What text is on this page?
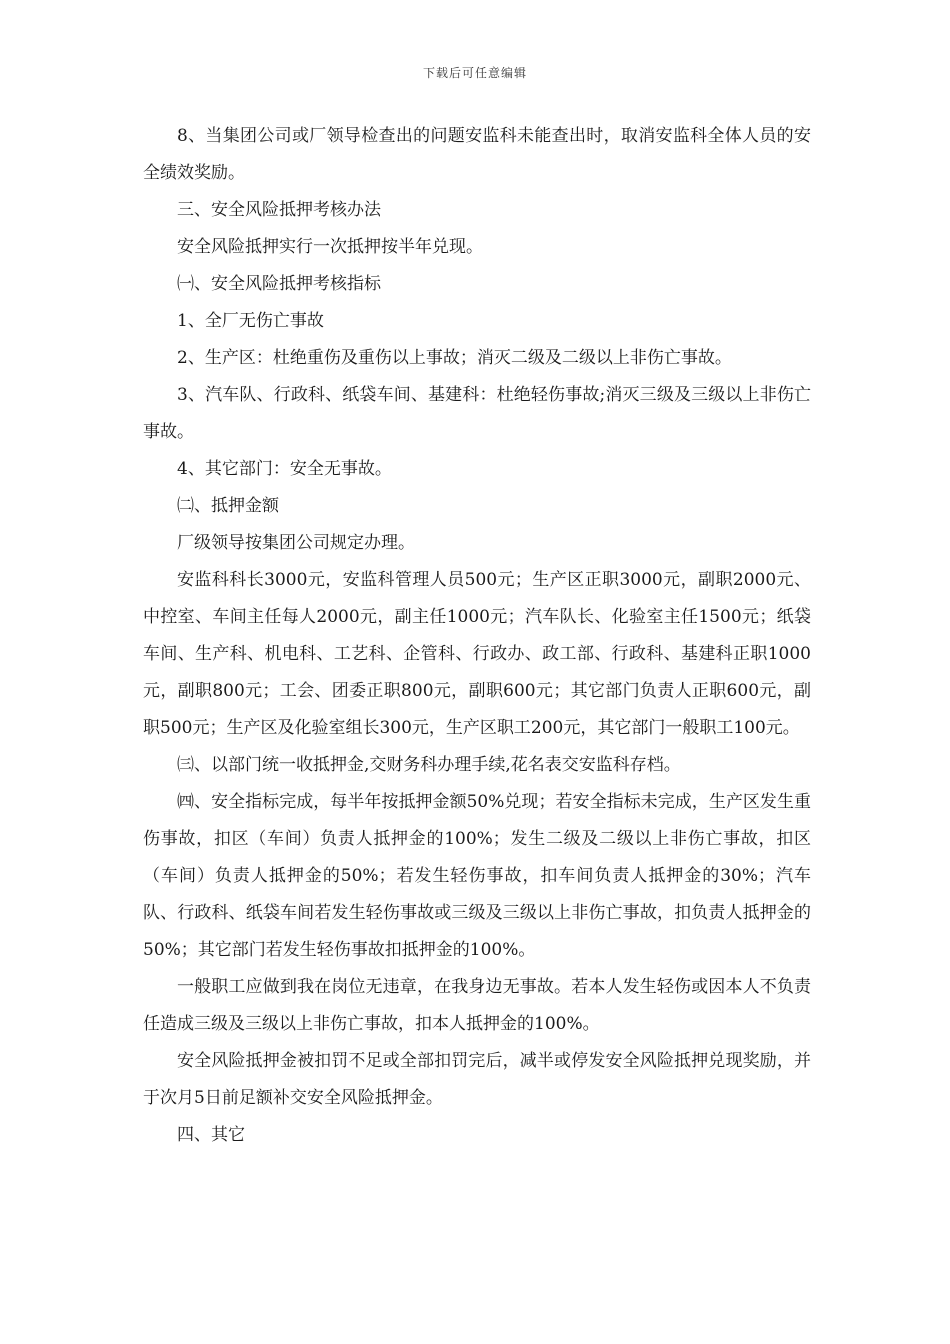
下载后可任意编辑

8、当集团公司或厂领导检查出的问题安监科未能查出时，取消安监科全体人员的安全绩效奖励。

三、安全风险抵押考核办法

安全风险抵押实行一次抵押按半年兑现。

㈠、安全风险抵押考核指标

1、全厂无伤亡事故

2、生产区：杜绝重伤及重伤以上事故；消灭二级及二级以上非伤亡事故。

3、汽车队、行政科、纸袋车间、基建科：杜绝轻伤事故;消灭三级及三级以上非伤亡事故。

4、其它部门：安全无事故。

㈡、抵押金额

厂级领导按集团公司规定办理。

安监科科长3000元，安监科管理人员500元；生产区正职3000元，副职2000元、中控室、车间主任每人2000元，副主任1000元；汽车队长、化验室主任1500元；纸袋车间、生产科、机电科、工艺科、企管科、行政办、政工部、行政科、基建科正职1000元，副职800元；工会、团委正职800元，副职600元；其它部门负责人正职600元，副职500元；生产区及化验室组长300元，生产区职工200元，其它部门一般职工100元。

㈢、以部门统一收抵押金,交财务科办理手续,花名表交安监科存档。

㈣、安全指标完成，每半年按抵押金额50%兑现；若安全指标未完成，生产区发生重伤事故，扣区（车间）负责人抵押金的100%；发生二级及二级以上非伤亡事故，扣区（车间）负责人抵押金的50%；若发生轻伤事故，扣车间负责人抵押金的30%；汽车队、行政科、纸袋车间若发生轻伤事故或三级及三级以上非伤亡事故，扣负责人抵押金的50%；其它部门若发生轻伤事故扣抵押金的100%。

一般职工应做到我在岗位无违章，在我身边无事故。若本人发生轻伤或因本人不负责任造成三级及三级以上非伤亡事故，扣本人抵押金的100%。

安全风险抵押金被扣罚不足或全部扣罚完后，减半或停发安全风险抵押兑现奖励，并于次月5日前足额补交安全风险抵押金。

四、其它
